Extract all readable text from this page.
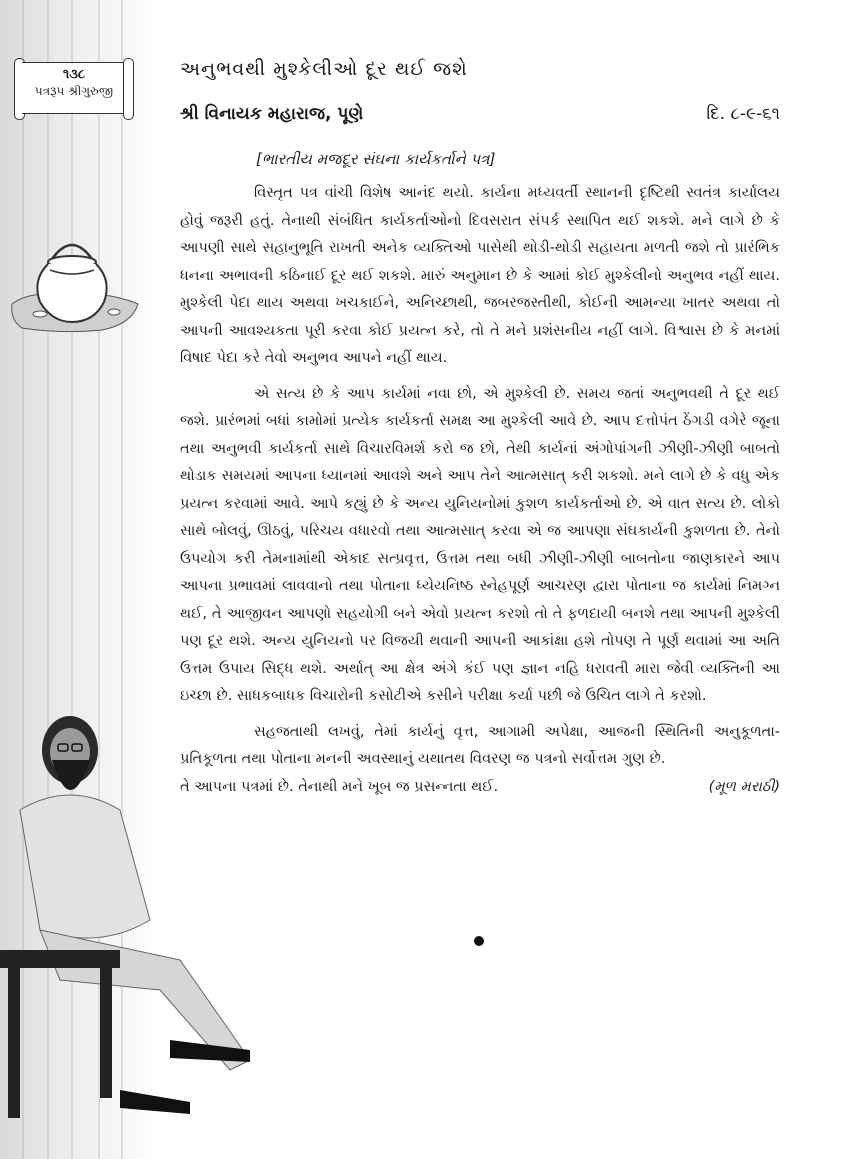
૧૩૮
પત્રરૂપ શ્રીગુરુજી
અનુભવથી મુશ્કેલીઓ દૂર થઈ જશે
શ્રી વિનાયક મહારાજ, પૂણે	દિ. ૮-૯-૬૧
[ભારતીય મજદૂર સંઘના કાર્યકર્તાને પત્ર]

વિસ્તૃત પત્ર વાંચી વિશેષ આનંદ થયો. કાર્યના મધ્યવર્તી સ્થાનની દૃષ્ટિથી સ્વતંત્ર કાર્યાલય હોવું જરૂરી હતું. તેનાથી સંબંધિત કાર્યકર્તાઓનો દિવસરાત સંપર્ક સ્થાપિત થઈ શકશે. મને લાગે છે કે આપણી સાથે સહાનુભૂતિ રાખતી અનેક વ્યક્તિઓ પાસેથી થોડી-થોડી સહાયતા મળતી જશે તો પ્રારંભિક ધનના અભાવની કઠિનાઈ દૂર થઈ શકશે. મારું અનુમાન છે કે આમાં કોઈ મુશ્કેલીનો અનુભવ નહીં થાય. મુશ્કેલી પેદા થાય અથવા ખચકાઈને, અનિચ્છાથી, જબરજસ્તીથી, કોઈની આમન્યા ખાતર અથવા તો આપની આવશ્યકતા પૂરી કરવા કોઈ પ્રયત્ન કરે, તો તે મને પ્રશંસનીય નહીં લાગે. વિશ્વાસ છે કે મનમાં વિષાદ પેદા કરે તેવો અનુભવ આપને નહીં થાય.

એ સત્ય છે કે આપ કાર્યમાં નવા છો, એ મુશ્કેલી છે. સમય જતાં અનુભવથી તે દૂર થઈ જશે. પ્રારંભમાં બધાં કામોમાં પ્રત્યેક કાર્યકર્તા સમક્ષ આ મુશ્કેલી આવે છે. આપ દત્તોપંત ઠેંગડી વગેરે જૂના તથા અનુભવી કાર્યકર્તા સાથે વિચારવિમર્શ કરો જ છો, તેથી કાર્યનાં અંગોપાંગની ઝીણી-ઝીણી બાબતો થોડાક સમયમાં આપના ધ્યાનમાં આવશે અને આપ તેને આત્મસાત્ કરી શકશો. મને લાગે છે કે વધુ એક પ્રયત્ન કરવામાં આવે. આપે કહ્યું છે કે અન્ય યુનિયનોમાં કુશળ કાર્યકર્તાઓ છે. એ વાત સત્ય છે. લોકો સાથે બોલવું, ઊઠવું, પરિચય વધારવો તથા આત્મસાત્ કરવા એ જ આપણા સંઘકાર્યની કુશળતા છે. તેનો ઉપયોગ કરી તેમનામાંથી એકાદ સત્પ્રવૃત્ત, ઉત્તમ તથા બધી ઝીણી-ઝીણી બાબતોના જાણકારને આપ આપના પ્રભાવમાં લાવવાનો તથા પોતાના ધ્યેયનિષ્ઠ સ્નેહપૂર્ણ આચરણ દ્વારા પોતાના જ કાર્યમાં નિમગ્ન થઈ, તે આજીવન આપણો સહયોગી બને એવો પ્રયત્ન કરશો તો તે ફળદાયી બનશે તથા આપની મુશ્કેલી પણ દૂર થશે. અન્ય યુનિયનો પર વિજયી થવાની આપની આકાંક્ષા હશે તોપણ તે પૂર્ણ થવામાં આ અતિ ઉત્તમ ઉપાય સિદ્ધ થશે. અર્થાત્ આ ક્ષેત્ર અંગે કંઈ પણ જ્ઞાન નહિ ધરાવતી મારા જેવી વ્યક્તિની આ ઇચ્છા છે. સાધકબાધક વિચારોની કસોટીએ કસીને પરીક્ષા કર્યા પછી જે ઉચિત લાગે તે કરશો.

સહજતાથી લખવું, તેમાં કાર્યનું વૃત્ત, આગામી અપેક્ષા, આજની સ્થિતિની અનુકૂળતા-પ્રતિકૂળતા તથા પોતાના મનની અવસ્થાનું યથાતથ વિવરણ જ પત્રનો સર્વોત્તમ ગુણ છે.

તે આપના પત્રમાં છે. તેનાથી મને ખૂબ જ પ્રસન્નતા થઈ.	(મૂળ મરાઠી)
